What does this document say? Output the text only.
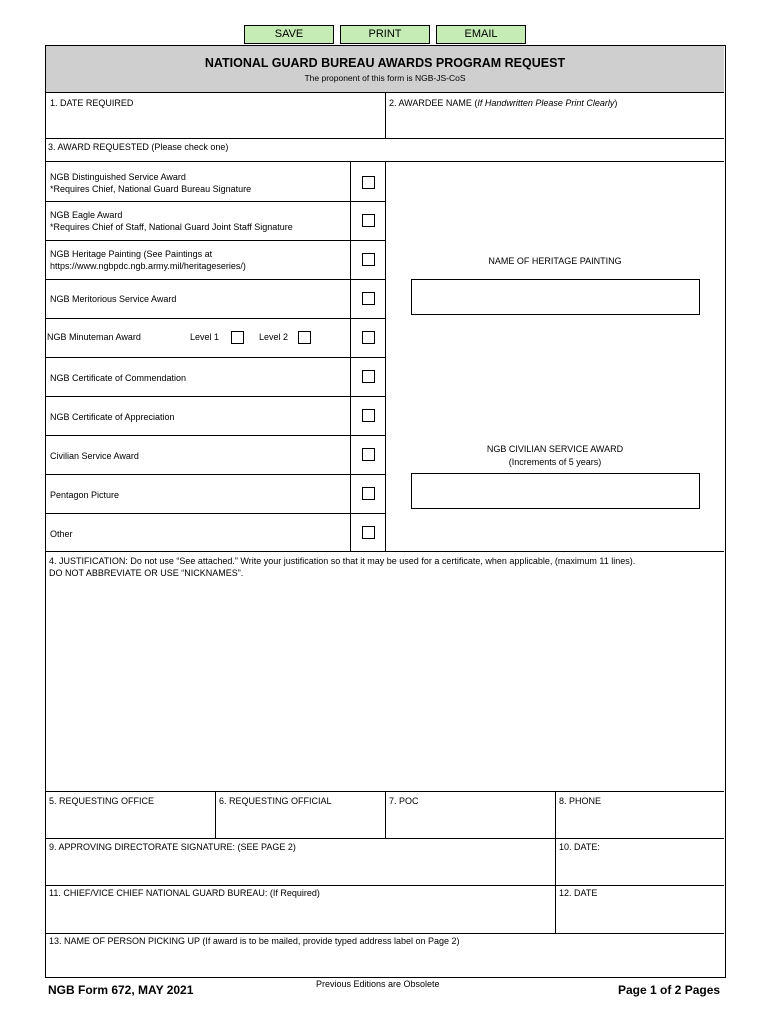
SAVE	PRINT	EMAIL
NATIONAL GUARD BUREAU AWARDS PROGRAM REQUEST
The proponent of this form is NGB-JS-CoS
1. DATE REQUIRED	2. AWARDEE NAME (If Handwritten Please Print Clearly)
3. AWARD REQUESTED (Please check one)
NGB Distinguished Service Award
*Requires Chief, National Guard Bureau Signature
NGB Eagle Award
*Requires Chief of Staff, National Guard Joint Staff Signature
NGB Heritage Painting (See Paintings at
https://www.ngbpdc.ngb.army.mil/heritageseries/)
NGB Meritorious Service Award
NGB Minuteman Award	Level 1	Level 2
NGB Certificate of Commendation
NGB Certificate of Appreciation
Civilian Service Award
Pentagon Picture
Other
NAME OF HERITAGE PAINTING
NGB CIVILIAN SERVICE AWARD
(Increments of 5 years)
4. JUSTIFICATION: Do not use “See attached.” Write your justification so that it may be used for a certificate, when applicable, (maximum 11 lines).
DO NOT ABBREVIATE OR USE “NICKNAMES”.
5. REQUESTING OFFICE	6. REQUESTING OFFICIAL	7. POC	8. PHONE
9. APPROVING DIRECTORATE SIGNATURE: (SEE PAGE 2)	10. DATE:
11. CHIEF/VICE CHIEF NATIONAL GUARD BUREAU: (If Required)	12. DATE
13. NAME OF PERSON PICKING UP (If award is to be mailed, provide typed address label on Page 2)
NGB Form 672, MAY 2021	Previous Editions are Obsolete	Page 1 of 2 Pages
